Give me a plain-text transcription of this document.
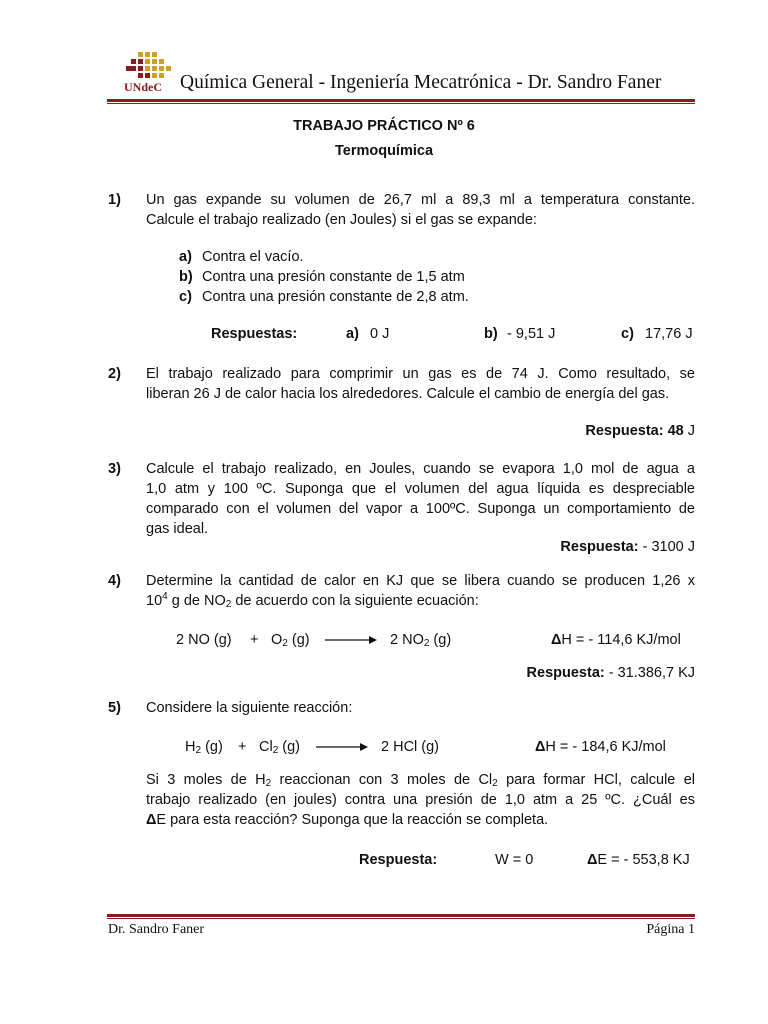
UNdeC Química General - Ingeniería Mecatrónica - Dr. Sandro Faner
TRABAJO PRÁCTICO Nº 6
Termoquímica
1) Un gas expande su volumen de 26,7 ml a 89,3 ml a temperatura constante.
Calcule el trabajo realizado (en Joules) si el gas se expande:
a) Contra el vacío.
b) Contra una presión constante de 1,5 atm
c) Contra una presión constante de 2,8 atm.
Respuestas:	a) 0 J	b) - 9,51 J	c) 17,76 J
2) El trabajo realizado para comprimir un gas es de 74 J. Como resultado, se
liberan 26 J de calor hacia los alrededores. Calcule el cambio de energía del gas.
Respuesta: 48 J
3) Calcule el trabajo realizado, en Joules, cuando se evapora 1,0 mol de agua a
1,0 atm y 100 ºC. Suponga que el volumen del agua líquida es despreciable
comparado con el volumen del vapor a 100ºC. Suponga un comportamiento de
gas ideal.
Respuesta: - 3100 J
4) Determine la cantidad de calor en KJ que se libera cuando se producen 1,26 x
$10^4$ g de $NO_2$ de acuerdo con la siguiente ecuación:
2 NO $(g) + O_2$ (g)	2 $NO_2$ (g)	ΔH = - 114,6 KJ/mol
Respuesta: - 31.386,7 KJ
5) Considere la siguiente reacción:
$H_2$ $(g) + Cl_2$ (g)	2 HCl (g)	ΔH = - 184,6 KJ/mol
Si 3 moles de $H_2$ reaccionan con 3 moles de $Cl_2$ para formar HCl, calcule el
trabajo realizado (en joules) contra una presión de 1,0 atm a 25 ºC. ¿Cuál es
ΔE para esta reacción? Suponga que la reacción se completa.
Respuesta:	W = 0	ΔE = - 553,8 KJ
Dr. Sandro Faner	Página 1
